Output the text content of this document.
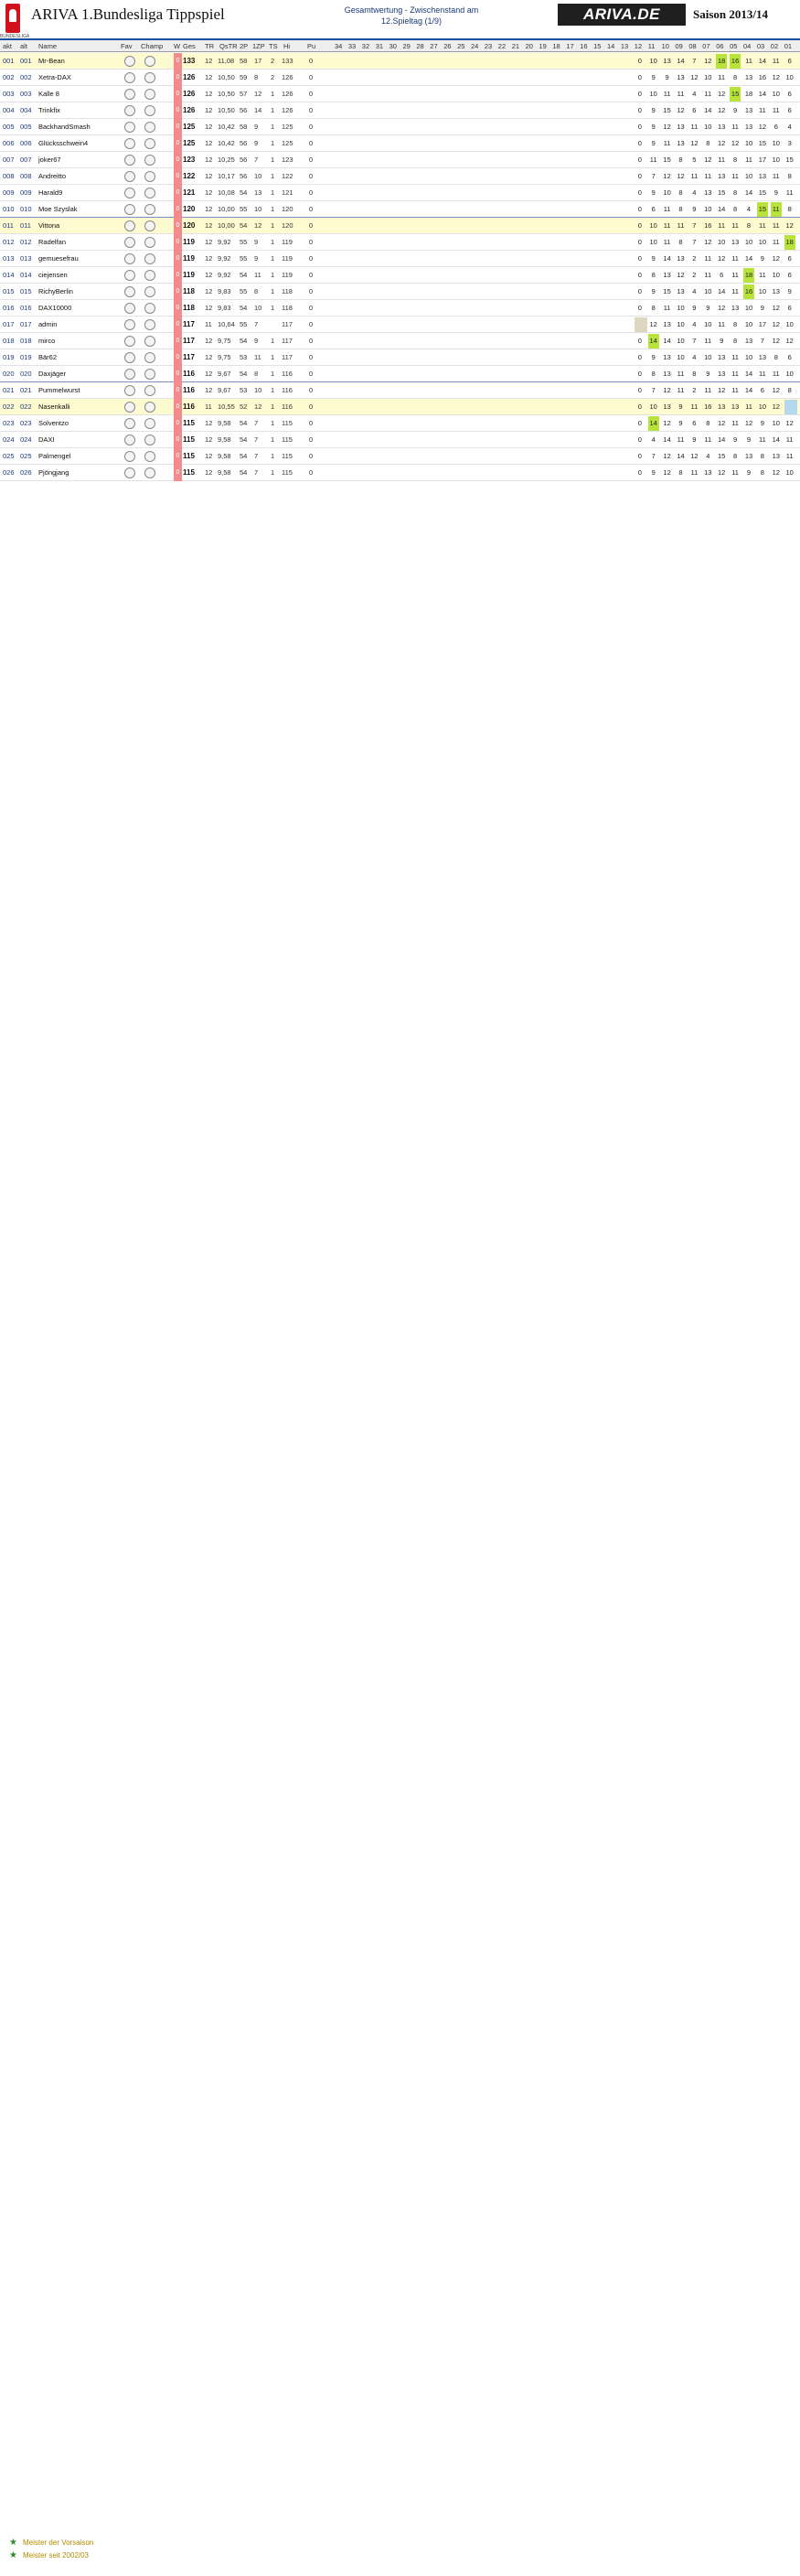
BUNDESLIGA
ARIVA 1.Bundesliga Tippspiel	Gesamtwertung - Zwischenstand am
12.Spieltag (1/9)	ARIVA.DE	Saison 2013/14
akt alt Name	Fav Champ W Ges TR QsTR 2P 1ZP TS Hi	Pu	34 33 32 31 30 29 28 27 26 25 24 23 22 21 20 19 18 17 16 15 14 13 12 11 10 09 08 07 06 05 04 03 02 01
001 001 Mr-Bean	0 133 12 11,08 58 17 2 133 0	0	10 13 14	7	12 18 16 11 14 11	6
002 002 Xetra-DAX	0 126 12 10,50 59 8 2 126 0	0	9	9	13 12 10 11	8	13 16 12 10
003 003 Kalle 8	0 126 12 10,50 57 12 1 126 0	0	10 11 11	4	11 12 15 18 14 10	6
004 004 Trinkfix	0 126 12 10,50 56 14 1 126 0	0	9	15 12	6	14 12	9	13 11 11	6
005 005 BackhandSmash	0 125 12 10,42 58 9 1 125 0	0	9	12 13 11 10 13 11 13 12	6	4
006 006 Glücksschwein4	0 125 12 10,42 56 9 1 125 0	0	9	11 13 12	8	12 12 10 15 10	3
007 007 joker67	0 123 12 10,25 56 7 1 123 0	0	11 15	8	5	12 11	8	11 17 10 15
008 008 Andreitto	0 122 12 10,17 56 10 1 122 0	0	7	12 12 11 11 13 11 10 13 11	8
009 009 Harald9	0 121 12 10,08 54 13 1 121 0	0	9	10	8	4	13 15	8	14 15	9	11
010 010 Moe Szyslak	0 120 12 10,00 55 10 1 120 0	0	6	11	8	9	10 14	8	4	15 11	8
011 011 Vittona	0 120 12 10,00 54 12 1 120 0	0	10 11 11	7	16 11 11	8	11 11 12
012 012 Radelfan	0 119 12 9,92 55 9 1 119 0	0	10 11	8	7	12 10 13 10 10 11 18
013 013 gemuesefrau	0 119 12 9,92 55 9 1 119 0	0	9	14 13	2	11 12 11 14	9	12	6
014 014 ciejensen	0 119 12 9,92 54 11 1 119 0	0	8	13 12	2	11	6	11 18 11 10	6
015 015 RichyBerlin	0 118 12 9,83 55 8 1 118 0	0	9	15 13	4	10 14 11 16 10 13	9
016 016 DAX10000	0 118 12 9,83 54 10 1 118 0	0	8	11 10	9	9	12 13 10	9	12	6
017 017 admin	0 117 11 10,64 55 7	117 0	12 13 10	4	10 11	8	10 17 12 10
018 018 mirco	0 117 12 9,75 54 9 1 117 0	0	14 14 10	7	11	9	8	13	7	12 12
019 019 Bär62	0 117 12 9,75 53 11 1 117 0	0	9	13 10	4	10 13 11 10 13	8	6
020 020 Daxjäger	0 116 12 9,67 54 8 1 116 0	0	8	13 11	8	9	13 11 14 11 11 10
021 021 Pummelwurst	0 116 12 9,67 53 10 1 116 0	0	7	12 11	2	11 12 11 14	6	12	8
022 022 Nasenkalli	0 116 11 10,55 52 12 1 116 0	0	10 13	9	11 16 13 13 11 10 12
023 023 Solventzo	0 115 12 9,58 54 7 1 115 0	0	14 12	9	6	8	12 11 12	9	10 12
024 024 DAXI	0 115 12 9,58 54 7 1 115 0	0	4	14 11	9	11 14	9	9	11 14 11
025 025 Palmengel	0 115 12 9,58 54 7 1 115 0	0	7	12 14 12	4	15	8	13	8	13 11
026 026 Pjöngjang	0 115 12 9,58 54 7 1 115 0	0	9	12	8	11 13 12 11	9	8	12 10
★ Meister der Vorsaison
★ Meister seit 2002/03
